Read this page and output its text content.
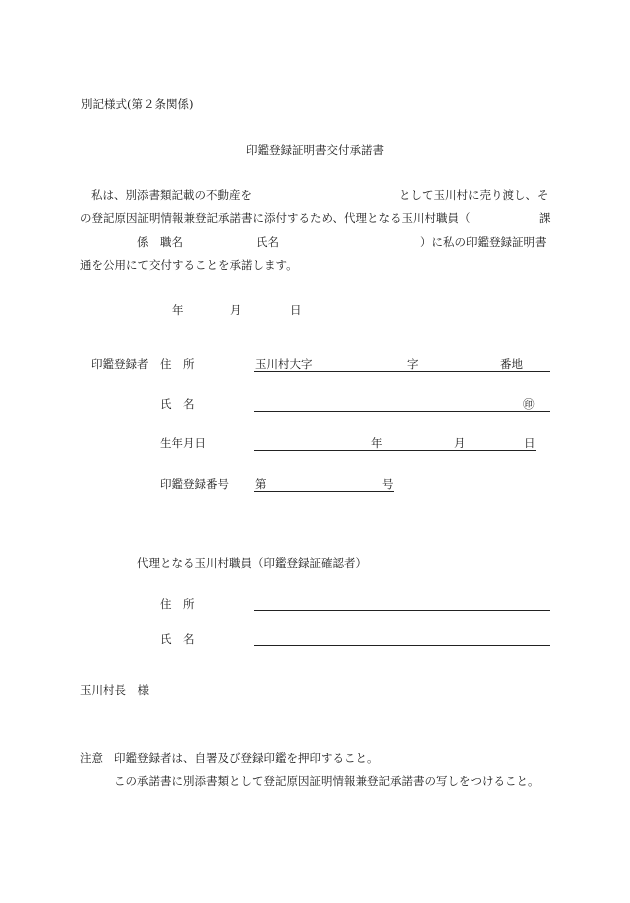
別記様式(第２条関係)
印鑑登録証明書交付承諾書
私は、別添書類記載の不動産を	として玉川村に売り渡し、そ
の登記原因証明情報兼登記承諾書に添付するため、代理となる玉川村職員（	課
係　職名	氏名	）に私の印鑑登録証明書
通を公用にて交付することを承諾します。
年	月	日
印鑑登録者 住　所	玉川村大字	字	番地
氏　名	㊞
生年月日	年	月	日
印鑑登録番号 第	号
代理となる玉川村職員（印鑑登録証確認者）
住　所
氏　名
玉川村長　様
注意 印鑑登録者は、自署及び登録印鑑を押印すること。
この承諾書に別添書類として登記原因証明情報兼登記承諾書の写しをつけること。
